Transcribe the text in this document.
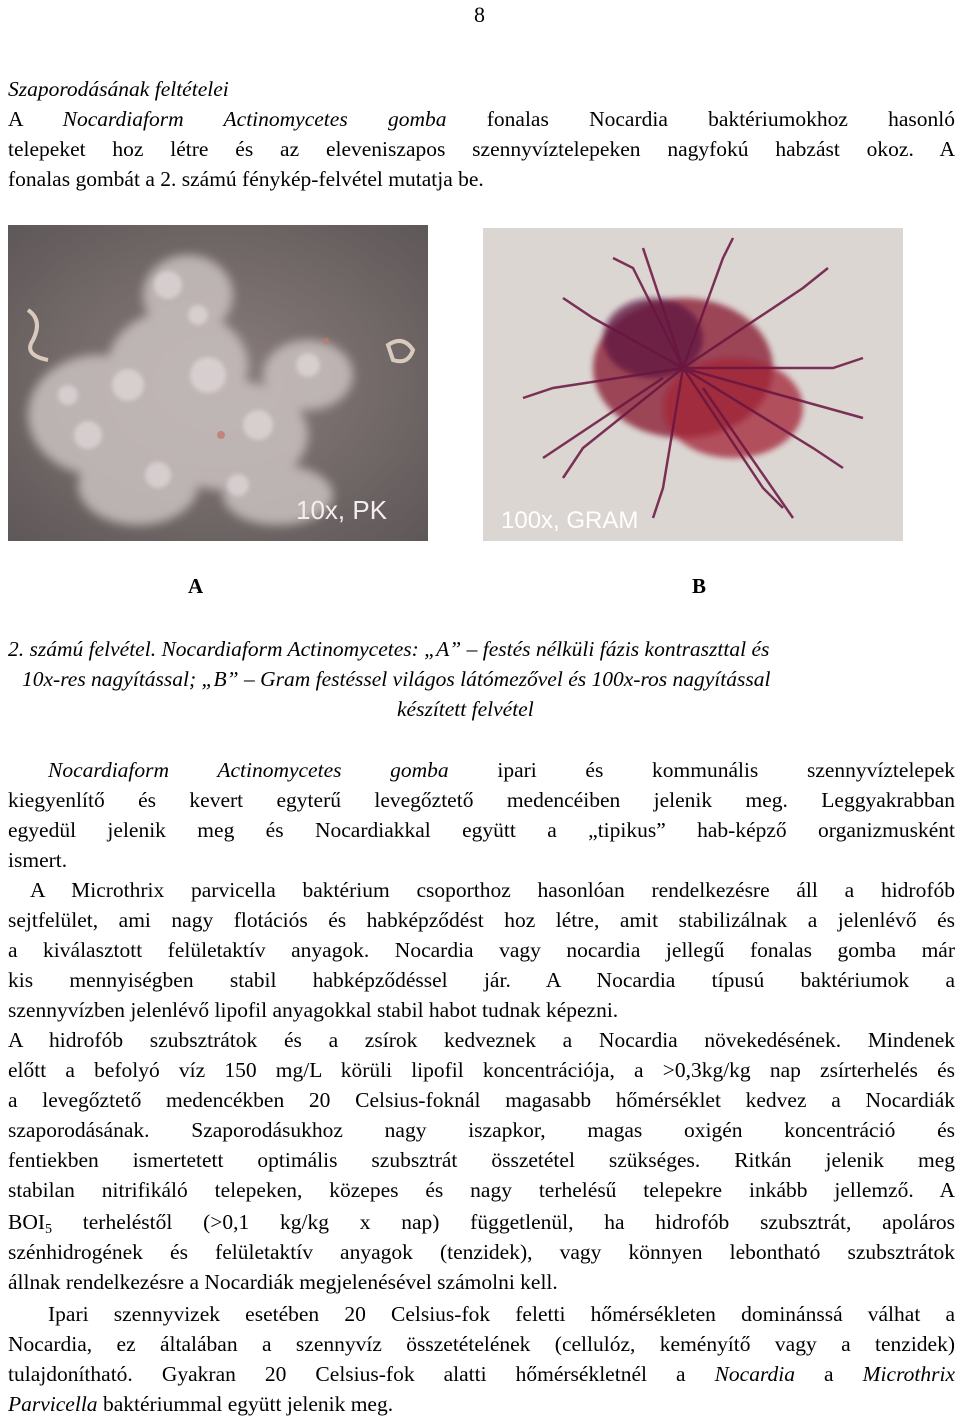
8
Szaporodásának feltételei
A Nocardiaform Actinomycetes gomba fonalas Nocardia baktériumokhoz hasonló
telepeket hoz létre és az eleveniszapos szennyvíztelepeken nagyfokú habzást okoz. A
fonalas gombát a 2. számú fénykép-felvétel mutatja be.
10x, PK	100x, GRAM
A	B
2. számú felvétel. Nocardiaform Actinomycetes: „A” – festés nélküli fázis kontraszttal és
10x-res nagyítással; „B” – Gram festéssel világos látómezővel és 100x-ros nagyítással
készített felvétel
Nocardiaform Actinomycetes gomba ipari és kommunális szennyvíztelepek
kiegyenlítő és kevert egyterű levegőztető medencéiben jelenik meg. Leggyakrabban
egyedül jelenik meg és Nocardiakkal együtt a „tipikus” hab-képző organizmusként
ismert.
A Microthrix parvicella baktérium csoporthoz hasonlóan rendelkezésre áll a hidrofób
sejtfelület, ami nagy flotációs és habképződést hoz létre, amit stabilizálnak a jelenlévő és
a kiválasztott felületaktív anyagok. Nocardia vagy nocardia jellegű fonalas gomba már
kis mennyiségben stabil habképződéssel jár. A Nocardia típusú baktériumok a
szennyvízben jelenlévő lipofil anyagokkal stabil habot tudnak képezni.
A hidrofób szubsztrátok és a zsírok kedveznek a Nocardia növekedésének. Mindenek
előtt a befolyó víz 150 mg/L körüli lipofil koncentrációja, a >0,3kg/kg nap zsírterhelés és
a levegőztető medencékben 20 Celsius-foknál magasabb hőmérséklet kedvez a Nocardiák
szaporodásának. Szaporodásukhoz nagy iszapkor, magas oxigén koncentráció és
fentiekben ismertetett optimális szubsztrát összetétel szükséges. Ritkán jelenik meg
stabilan nitrifikáló telepeken, közepes és nagy terhelésű telepekre inkább jellemző. A
$BOI_5$ terheléstől (>0,1 kg/kg x nap) függetlenül, ha hidrofób szubsztrát, apoláros
szénhidrogének és felületaktív anyagok (tenzidek), vagy könnyen lebontható szubsztrátok
állnak rendelkezésre a Nocardiák megjelenésével számolni kell.
Ipari szennyvizek esetében 20 Celsius-fok feletti hőmérsékleten dominánssá válhat a
Nocardia, ez általában a szennyvíz összetételének (cellulóz, keményítő vagy a tenzidek)
tulajdonítható. Gyakran 20 Celsius-fok alatti hőmérsékletnél a Nocardia a Microthrix
Parvicella baktériummal együtt jelenik meg.
